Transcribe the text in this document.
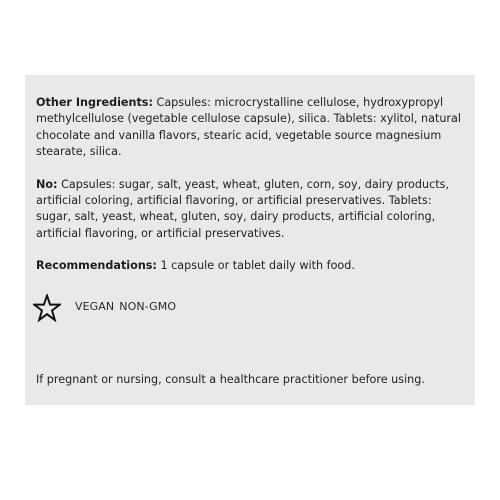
Other Ingredients: Capsules: microcrystalline cellulose, hydroxypropyl methylcellulose (vegetable cellulose capsule), silica. Tablets: xylitol, natural chocolate and vanilla flavors, stearic acid, vegetable source magnesium stearate, silica.

No: Capsules: sugar, salt, yeast, wheat, gluten, corn, soy, dairy products, artificial coloring, artificial flavoring, or artificial preservatives. Tablets: sugar, salt, yeast, wheat, gluten, soy, dairy products, artificial coloring, artificial flavoring, or artificial preservatives.

Recommendations: 1 capsule or tablet daily with food.

VEGAN NON-GMO

If pregnant or nursing, consult a healthcare practitioner before using.
